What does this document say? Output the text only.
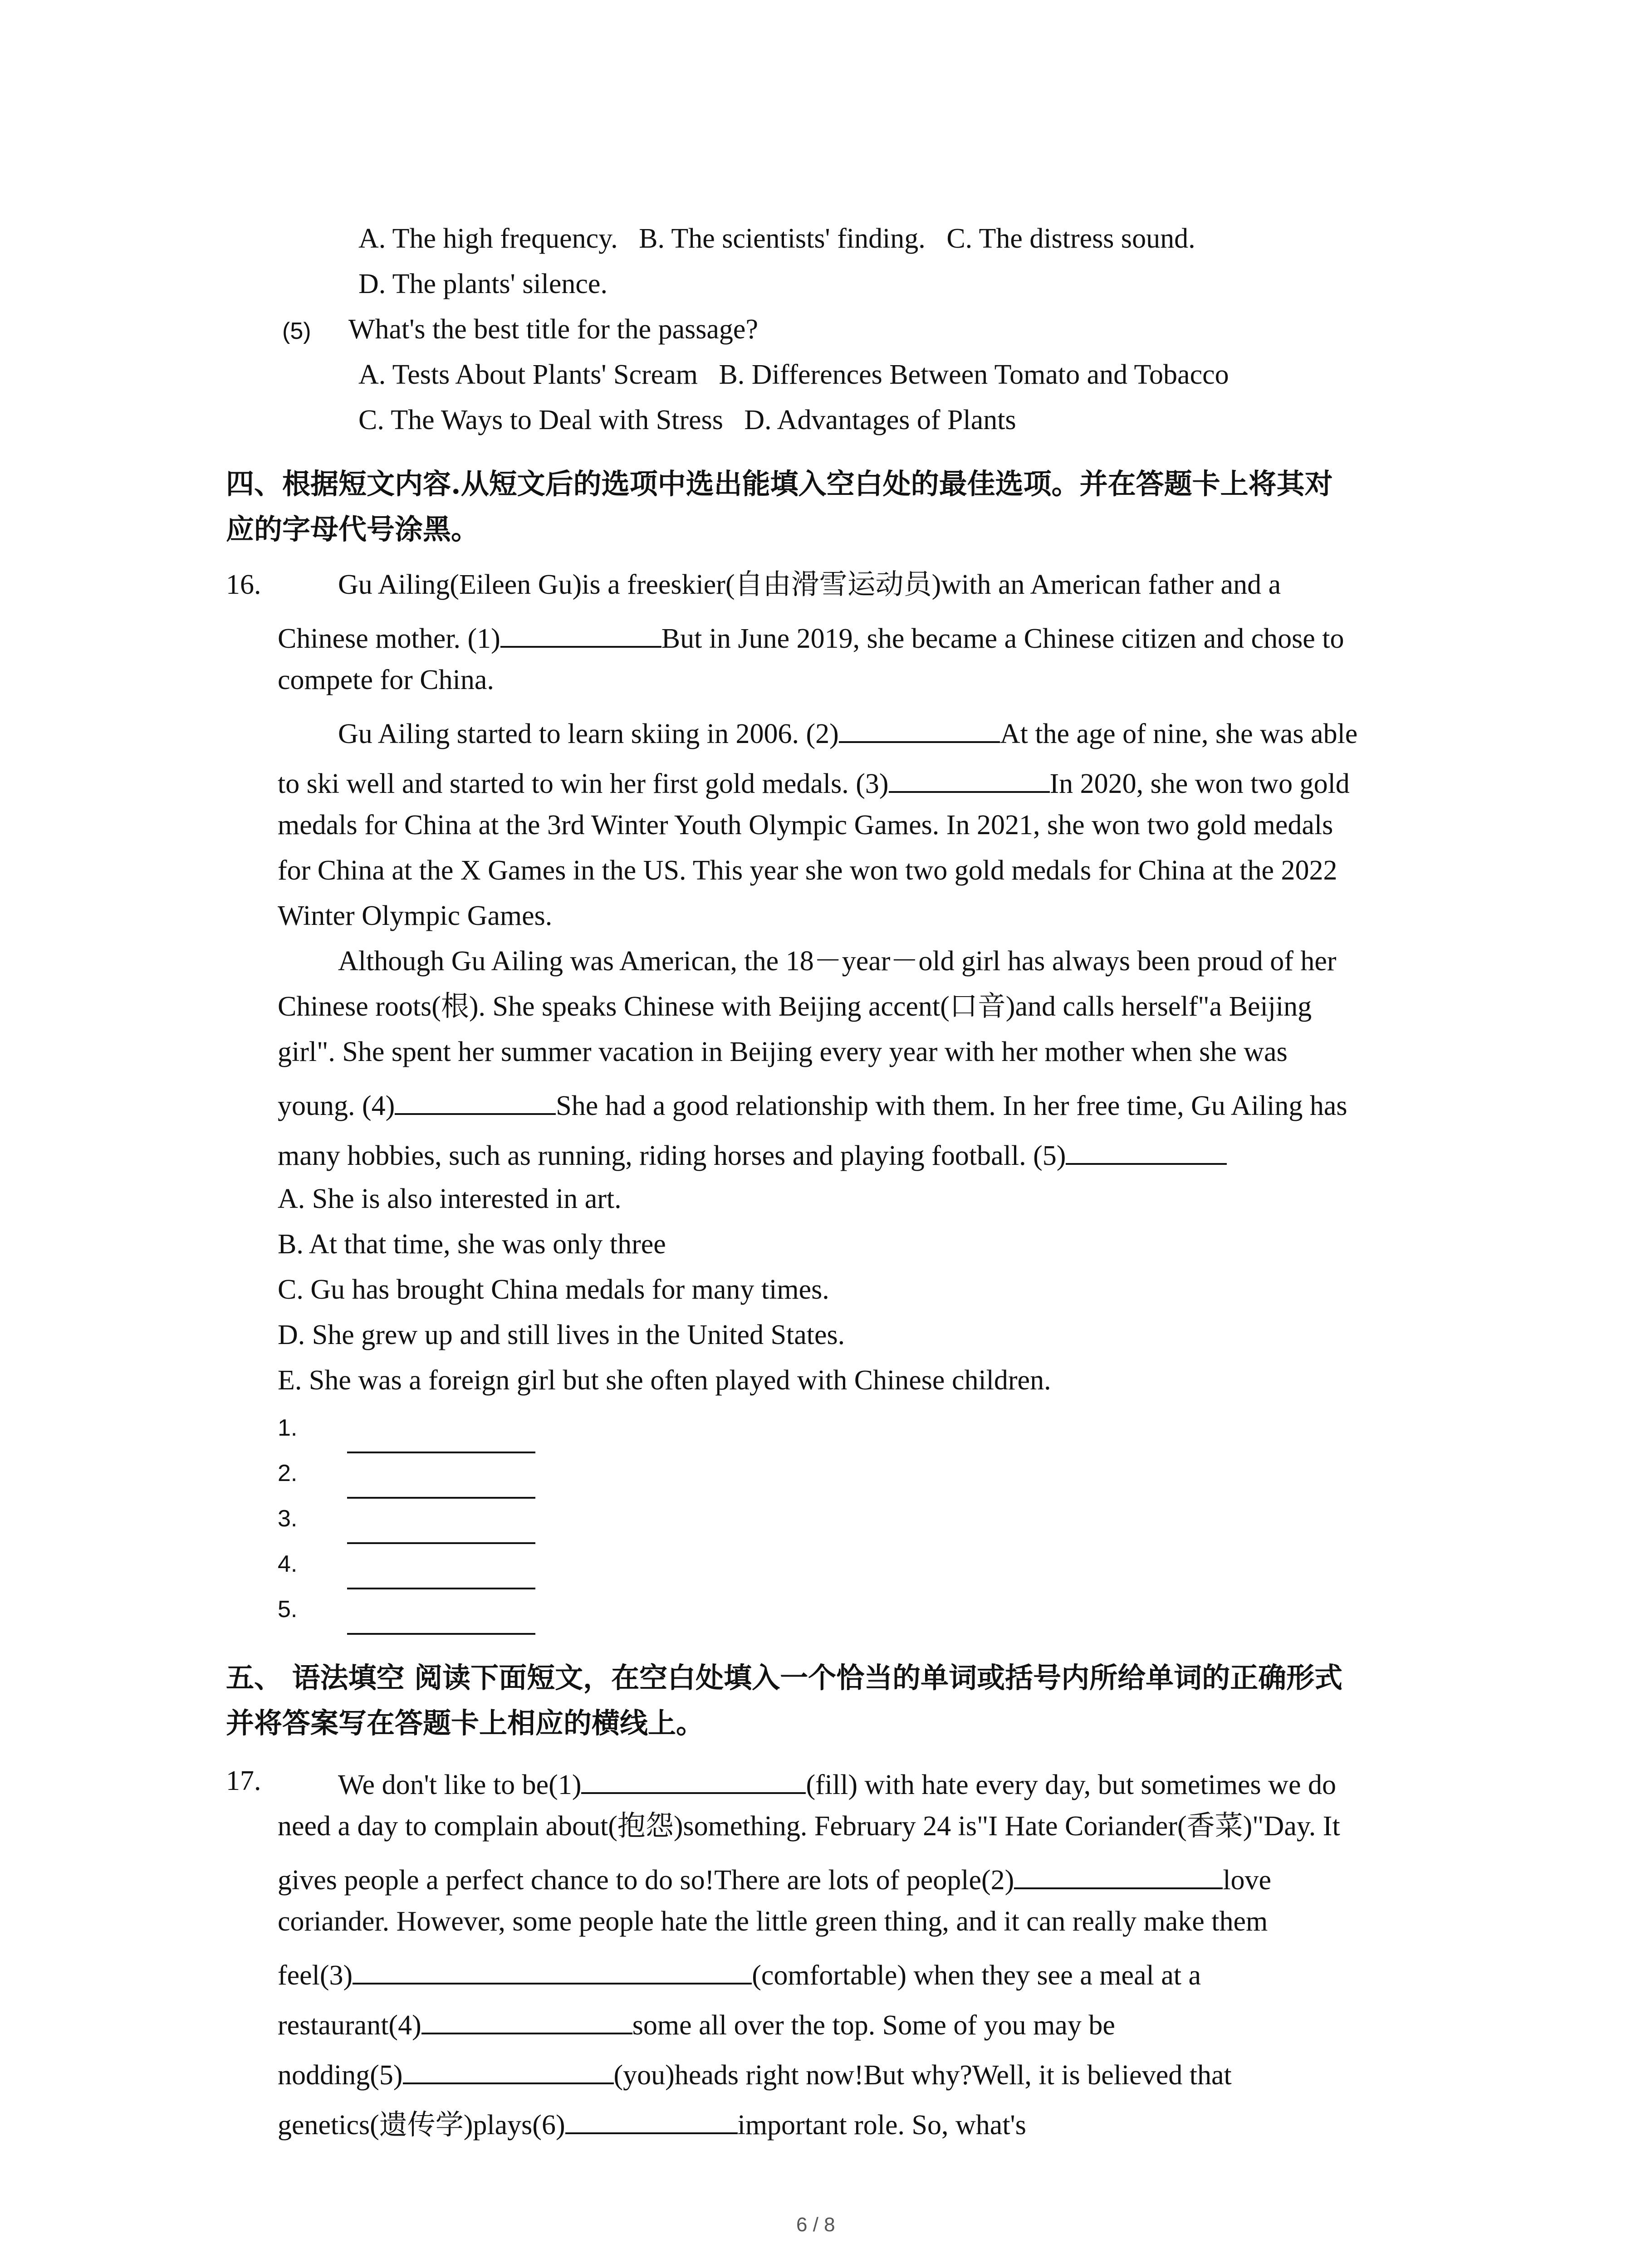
A. The high frequency. B. The scientists' finding. C. The distress sound.
D. The plants' silence.
(5) What's the best title for the passage?
A. Tests About Plants' Scream B. Differences Between Tomato and Tobacco
C. The Ways to Deal with Stress D. Advantages of Plants
四、根据短文内容.从短文后的选项中选出能填入空白处的最佳选项。并在答题卡上将其对
应的字母代号涂黑。
16.	Gu Ailing(Eileen Gu)is a freeskier(自由滑雪运动员)with an American father and a
Chinese mother. (1)	But in June 2019, she became a Chinese citizen and chose to
compete for China.
Gu Ailing started to learn skiing in 2006. (2)	At the age of nine, she was able
to ski well and started to win her first gold medals. (3)	In 2020, she won two gold
medals for China at the 3rd Winter Youth Olympic Games. In 2021, she won two gold medals
for China at the X Games in the US. This year she won two gold medals for China at the 2022
Winter Olympic Games.
Although Gu Ailing was American, the 18－year－old girl has always been proud of her
Chinese roots(根). She speaks Chinese with Beijing accent(口音)and calls herself"a Beijing
girl". She spent her summer vacation in Beijing every year with her mother when she was
young. (4)	She had a good relationship with them. In her free time, Gu Ailing has
many hobbies, such as running, riding horses and playing football. (5)
A. She is also interested in art.
B. At that time, she was only three
C. Gu has brought China medals for many times.
D. She grew up and still lives in the United States.
E. She was a foreign girl but she often played with Chinese children.
1.
2.
3.
4.
5.
五、 语法填空 阅读下面短文，在空白处填入一个恰当的单词或括号内所给单词的正确形式
并将答案写在答题卡上相应的横线上。
17.	We don't like to be(1)	(fill) with hate every day, but sometimes we do
need a day to complain about(抱怨)something. February 24 is"I Hate Coriander(香菜)"Day. It
gives people a perfect chance to do so!There are lots of people(2)	love
coriander. However, some people hate the little green thing, and it can really make them
feel(3)	(comfortable) when they see a meal at a
restaurant(4)	some all over the top. Some of you may be
nodding(5)	(you)heads right now!But why?Well, it is believed that
genetics(遗传学)plays(6)	important role. So, what's
6 / 8
